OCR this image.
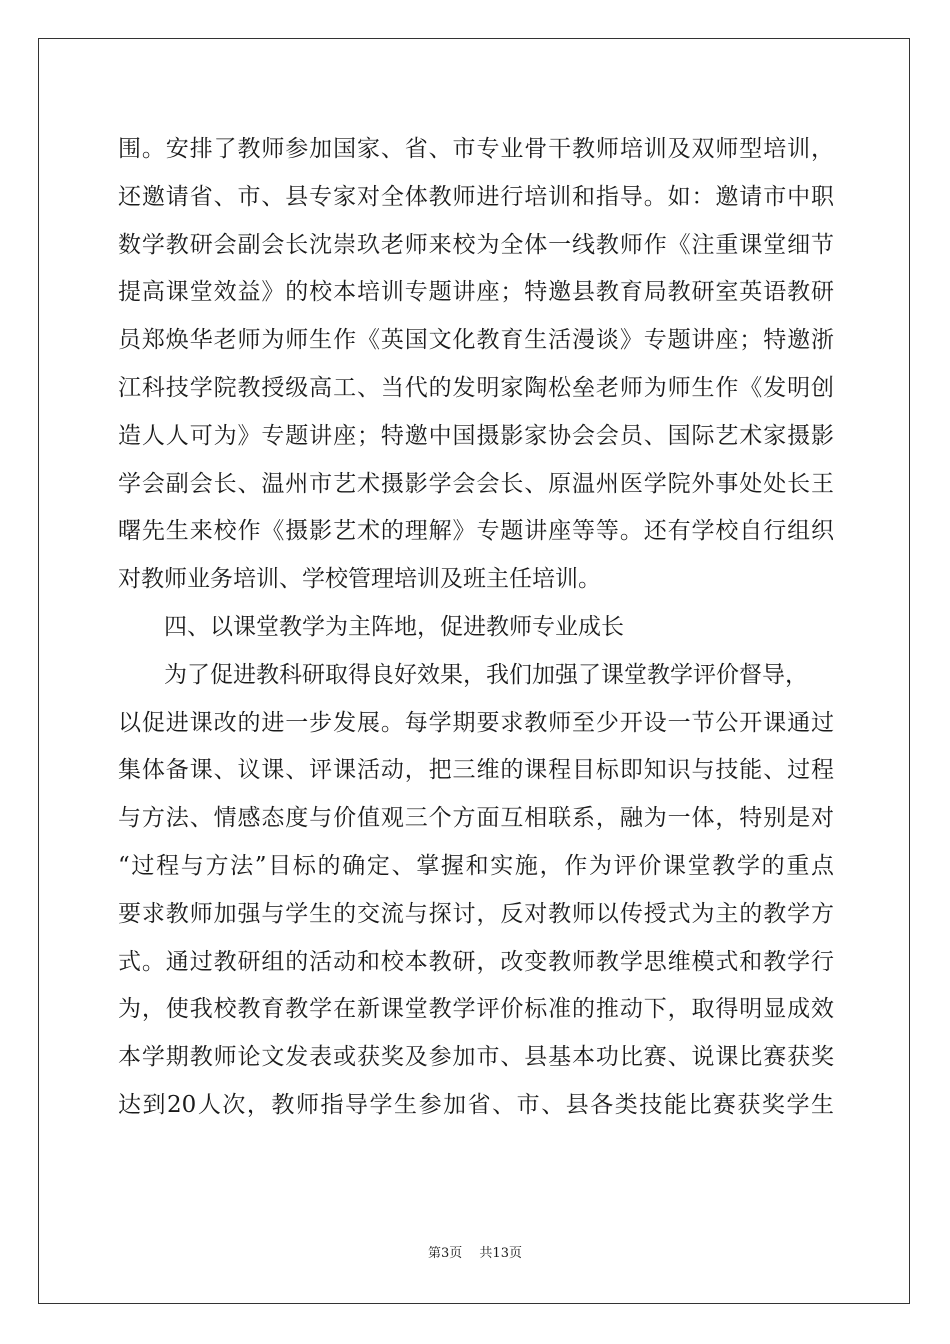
围。安排了教师参加国家、省、市专业骨干教师培训及双师型培训，
还邀请省、市、县专家对全体教师进行培训和指导。如：邀请市中职
数学教研会副会长沈崇玖老师来校为全体一线教师作《注重课堂细节
提高课堂效益》的校本培训专题讲座；特邀县教育局教研室英语教研
员郑焕华老师为师生作《英国文化教育生活漫谈》专题讲座；特邀浙
江科技学院教授级高工、当代的发明家陶松垒老师为师生作《发明创
造人人可为》专题讲座；特邀中国摄影家协会会员、国际艺术家摄影
学会副会长、温州市艺术摄影学会会长、原温州医学院外事处处长王
曙先生来校作《摄影艺术的理解》专题讲座等等。还有学校自行组织
对教师业务培训、学校管理培训及班主任培训。
四、以课堂教学为主阵地，促进教师专业成长
为了促进教科研取得良好效果，我们加强了课堂教学评价督导，
以促进课改的进一步发展。每学期要求教师至少开设一节公开课通过
集体备课、议课、评课活动，把三维的课程目标即知识与技能、过程
与方法、情感态度与价值观三个方面互相联系，融为一体，特别是对
“过程与方法”目标的确定、掌握和实施，作为评价课堂教学的重点
要求教师加强与学生的交流与探讨，反对教师以传授式为主的教学方
式。通过教研组的活动和校本教研，改变教师教学思维模式和教学行
为，使我校教育教学在新课堂教学评价标准的推动下，取得明显成效
本学期教师论文发表或获奖及参加市、县基本功比赛、说课比赛获奖
达到20人次，教师指导学生参加省、市、县各类技能比赛获奖学生
第3页　 共13页
